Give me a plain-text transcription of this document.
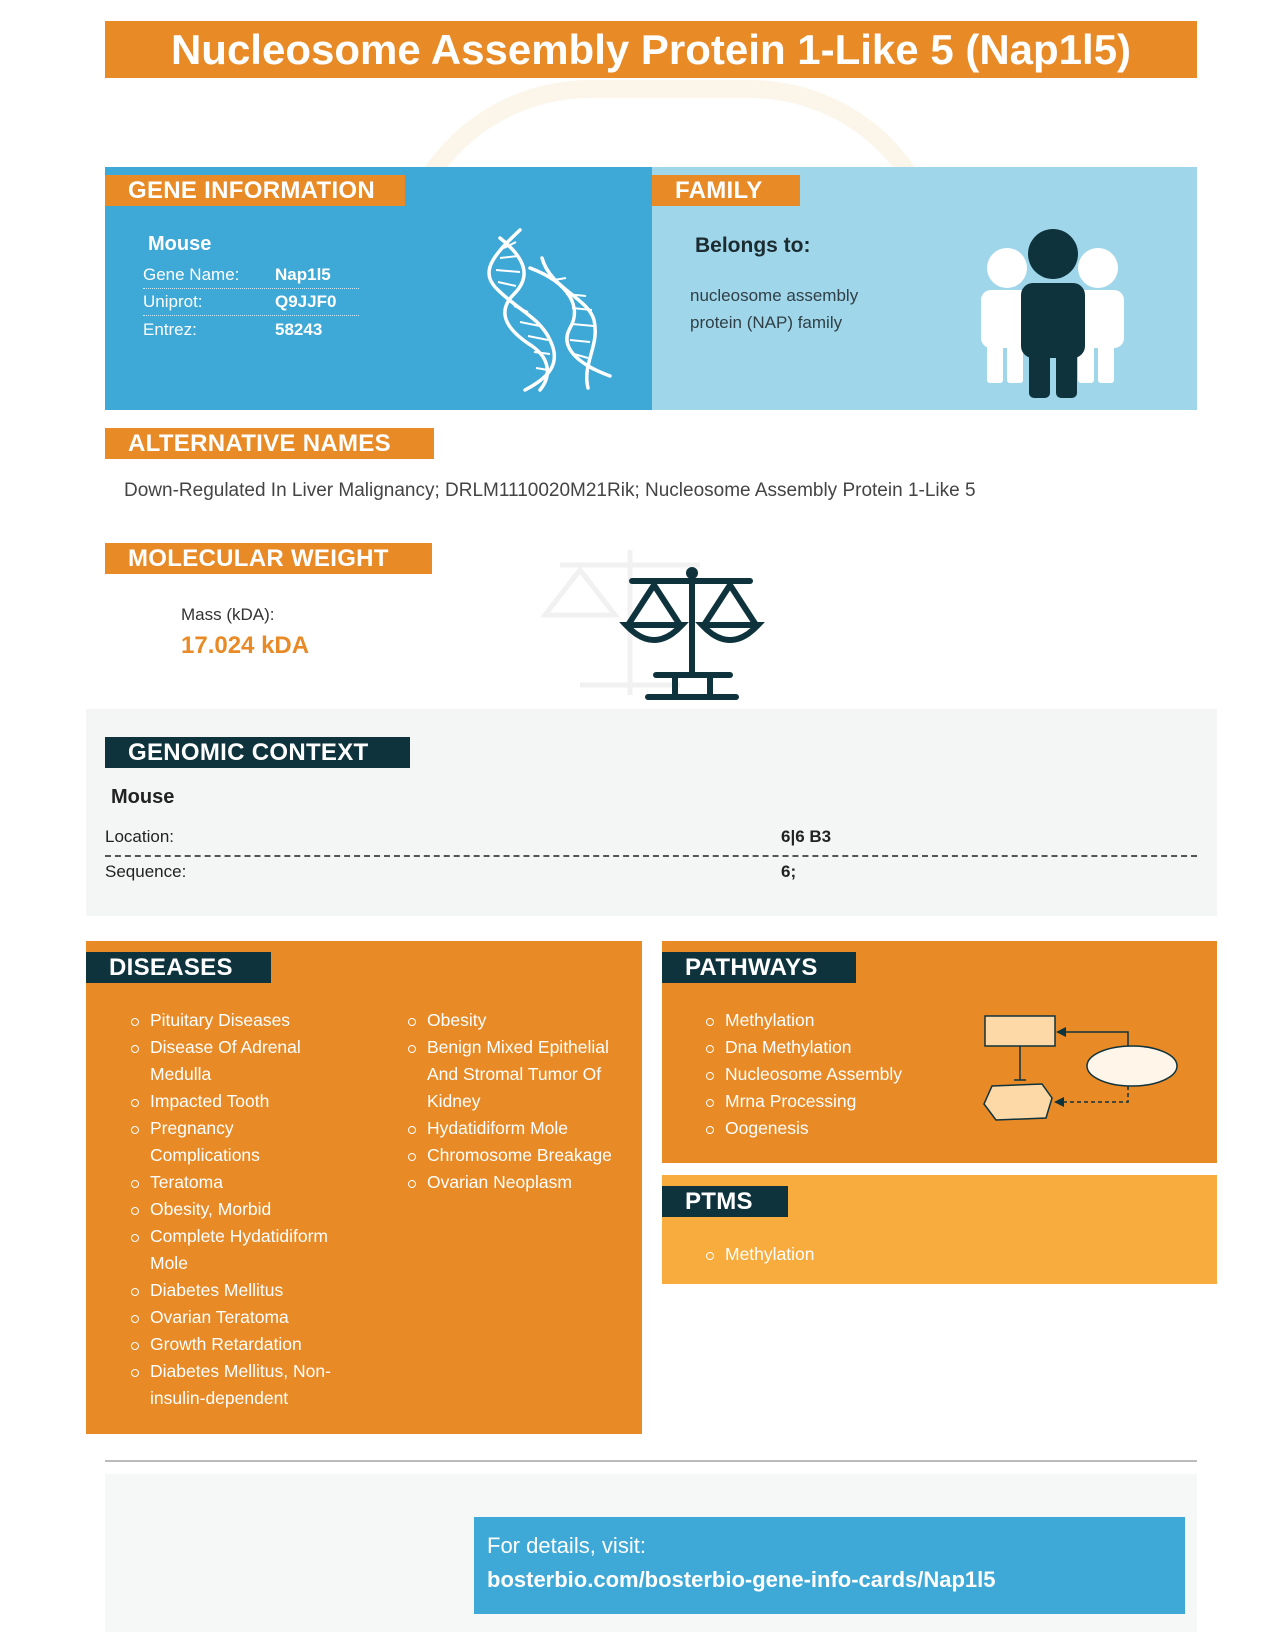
Nucleosome Assembly Protein 1-Like 5 (Nap1l5)
GENE INFORMATION
Mouse
Gene Name:	Nap1l5
Uniprot:	Q9JJF0
Entrez:	58243
FAMILY
Belongs to:
nucleosome assembly protein (NAP) family
ALTERNATIVE NAMES
Down-Regulated In Liver Malignancy; DRLM1110020M21Rik; Nucleosome Assembly Protein 1-Like 5
MOLECULAR WEIGHT
Mass (kDA):
17.024 kDA
GENOMIC CONTEXT
Mouse
Location:	6|6 B3
Sequence:	6;
DISEASES
Pituitary Diseases
Disease Of Adrenal Medulla
Impacted Tooth
Pregnancy Complications
Teratoma
Obesity, Morbid
Complete Hydatidiform Mole
Diabetes Mellitus
Ovarian Teratoma
Growth Retardation
Diabetes Mellitus, Non-insulin-dependent
Obesity
Benign Mixed Epithelial And Stromal Tumor Of Kidney
Hydatidiform Mole
Chromosome Breakage
Ovarian Neoplasm
PATHWAYS
Methylation
Dna Methylation
Nucleosome Assembly
Mrna Processing
Oogenesis
PTMS
Methylation
For details, visit:
bosterbio.com/bosterbio-gene-info-cards/Nap1l5
